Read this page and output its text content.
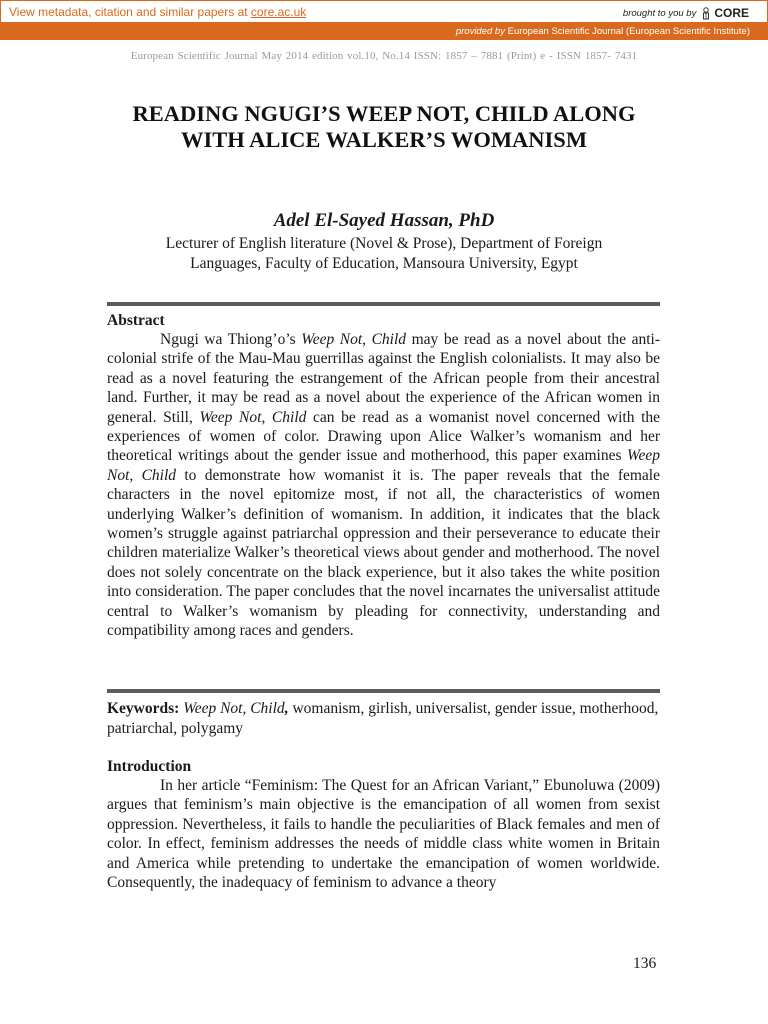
View metadata, citation and similar papers at core.ac.uk	brought to you by CORE
provided by European Scientific Journal (European Scientific Institute)
European Scientific Journal May 2014 edition vol.10, No.14 ISSN: 1857 – 7881 (Print) e - ISSN 1857- 7431
READING NGUGI’S WEEP NOT, CHILD ALONG
WITH ALICE WALKER’S WOMANISM
Adel El-Sayed Hassan, PhD
Lecturer of English literature (Novel & Prose), Department of Foreign
Languages, Faculty of Education, Mansoura University, Egypt
Abstract

Ngugi wa Thiong’o’s Weep Not, Child may be read as a novel about the anti-colonial strife of the Mau-Mau guerrillas against the English colonialists. It may also be read as a novel featuring the estrangement of the African people from their ancestral land. Further, it may be read as a novel about the experience of the African women in general. Still, Weep Not, Child can be read as a womanist novel concerned with the experiences of women of color. Drawing upon Alice Walker’s womanism and her theoretical writings about the gender issue and motherhood, this paper examines Weep Not, Child to demonstrate how womanist it is. The paper reveals that the female characters in the novel epitomize most, if not all, the characteristics of women underlying Walker’s definition of womanism. In addition, it indicates that the black women’s struggle against patriarchal oppression and their perseverance to educate their children materialize Walker’s theoretical views about gender and motherhood. The novel does not solely concentrate on the black experience, but it also takes the white position into consideration. The paper concludes that the novel incarnates the universalist attitude central to Walker’s womanism by pleading for connectivity, understanding and compatibility among races and genders.

Keywords: Weep Not, Child, womanism, girlish, universalist, gender issue, motherhood, patriarchal, polygamy

Introduction

In her article “Feminism: The Quest for an African Variant,” Ebunoluwa (2009) argues that feminism’s main objective is the emancipation of all women from sexist oppression. Nevertheless, it fails to handle the peculiarities of Black females and men of color. In effect, feminism addresses the needs of middle class white women in Britain and America while pretending to undertake the emancipation of women worldwide. Consequently, the inadequacy of feminism to advance a theory

136
